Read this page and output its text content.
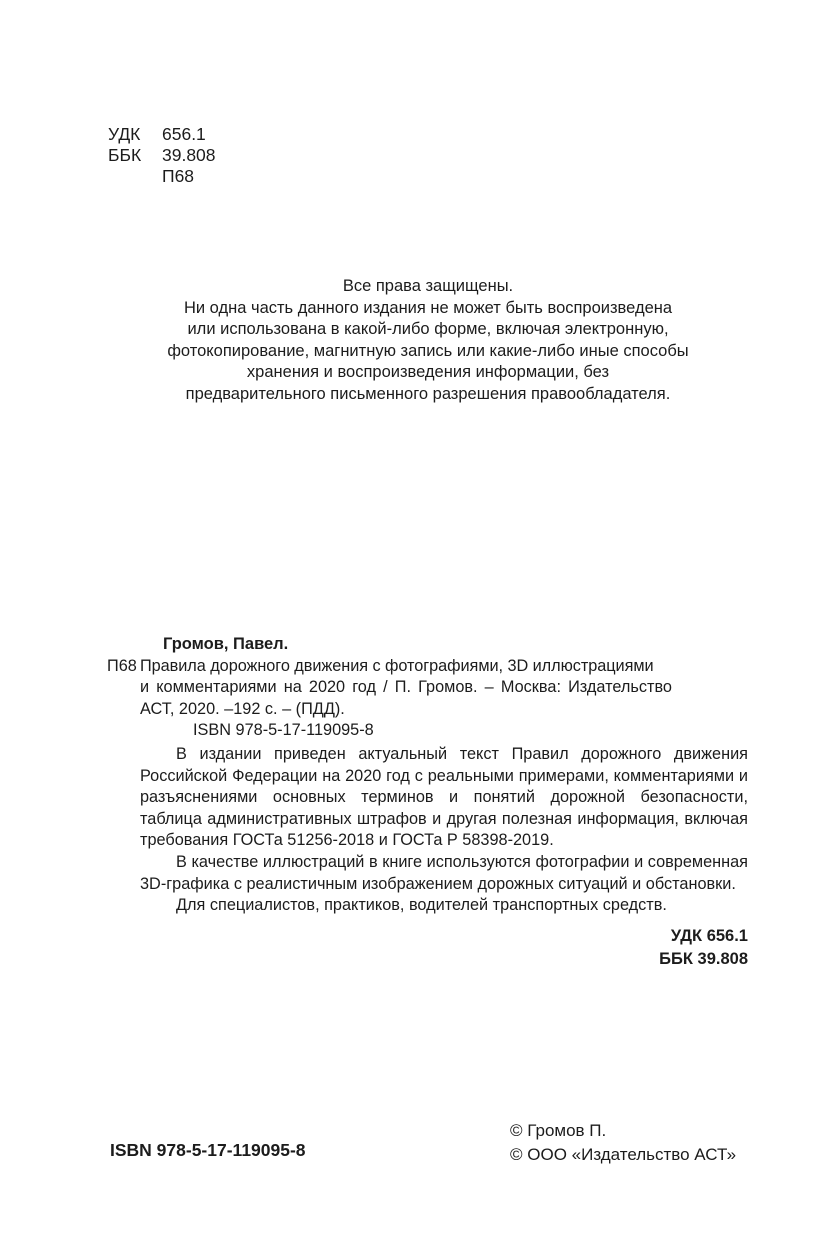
УДК 656.1
ББК 39.808
П68
Все права защищены.
Ни одна часть данного издания не может быть воспроизведена
или использована в какой-либо форме, включая электронную,
фотокопирование, магнитную запись или какие-либо иные способы
хранения и воспроизведения информации, без
предварительного письменного разрешения правообладателя.
Громов, Павел.
П68 Правила дорожного движения с фотографиями, 3D иллюстрациями
и комментариями на 2020 год / П. Громов. – Москва: Издательство
АСТ, 2020. –192 с. – (ПДД).
ISBN 978-5-17-119095-8

В издании приведен актуальный текст Правил дорожного движения Российской Федерации на 2020 год с реальными примерами, комментариями и разъяснениями основных терминов и понятий дорожной безопасности, таблица административных штрафов и другая полезная информация, включая требования ГОСТа 51256-2018 и ГОСТа Р 58398-2019.

В качестве иллюстраций в книге используются фотографии и современная 3D-графика с реалистичным изображением дорожных ситуаций и обстановки.

Для специалистов, практиков, водителей транспортных средств.

УДК 656.1
ББК 39.808
ISBN 978-5-17-119095-8
© Громов П.
© ООО «Издательство АСТ»
